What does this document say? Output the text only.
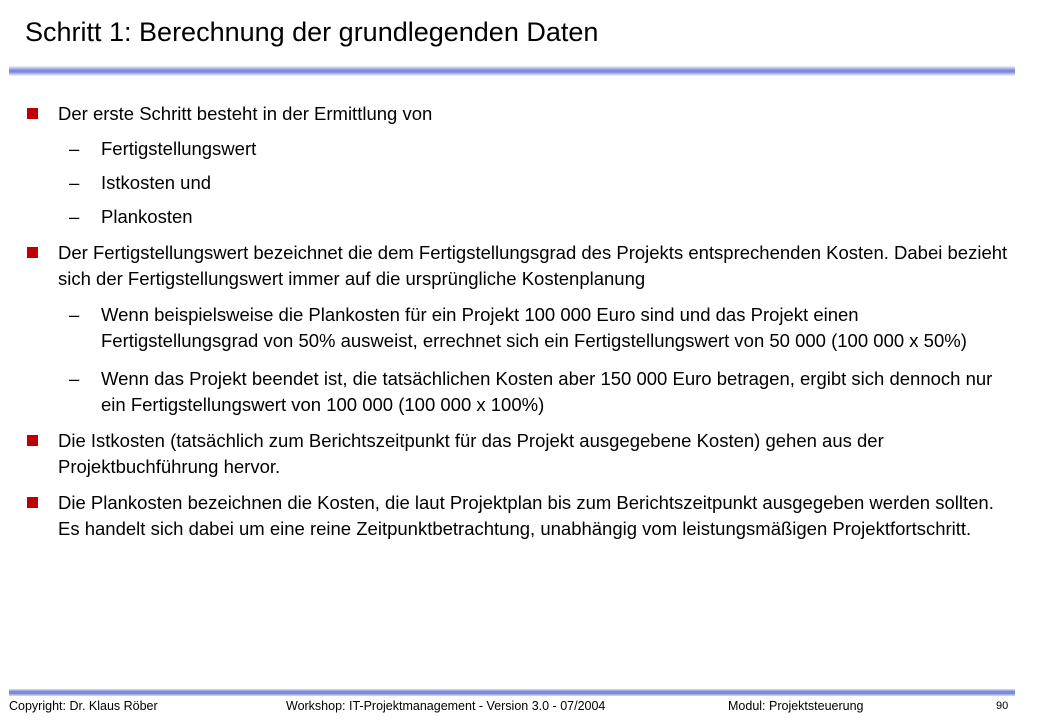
Schritt 1: Berechnung der grundlegenden Daten
Der erste Schritt besteht in der Ermittlung von
– Fertigstellungswert
– Istkosten und
– Plankosten
Der Fertigstellungswert bezeichnet die dem Fertigstellungsgrad des Projekts entsprechenden Kosten. Dabei bezieht sich der Fertigstellungswert immer auf die ursprüngliche Kostenplanung
– Wenn beispielsweise die Plankosten für ein Projekt 100 000 Euro sind und das Projekt einen Fertigstellungsgrad von 50% ausweist, errechnet sich ein Fertigstellungswert von 50 000 (100 000 x 50%)
– Wenn das Projekt beendet ist, die tatsächlichen Kosten aber 150 000 Euro betragen, ergibt sich dennoch nur ein Fertigstellungswert von 100 000 (100 000 x 100%)
Die Istkosten (tatsächlich zum Berichtszeitpunkt für das Projekt ausgegebene Kosten) gehen aus der Projektbuchführung hervor.
Die Plankosten bezeichnen die Kosten, die laut Projektplan bis zum Berichtszeitpunkt ausgegeben werden sollten. Es handelt sich dabei um eine reine Zeitpunktbetrachtung, unabhängig vom leistungsmäßigen Projektfortschritt.
Copyright: Dr. Klaus Röber	Workshop: IT-Projektmanagement - Version 3.0 - 07/2004	Modul: Projektsteuerung	90
